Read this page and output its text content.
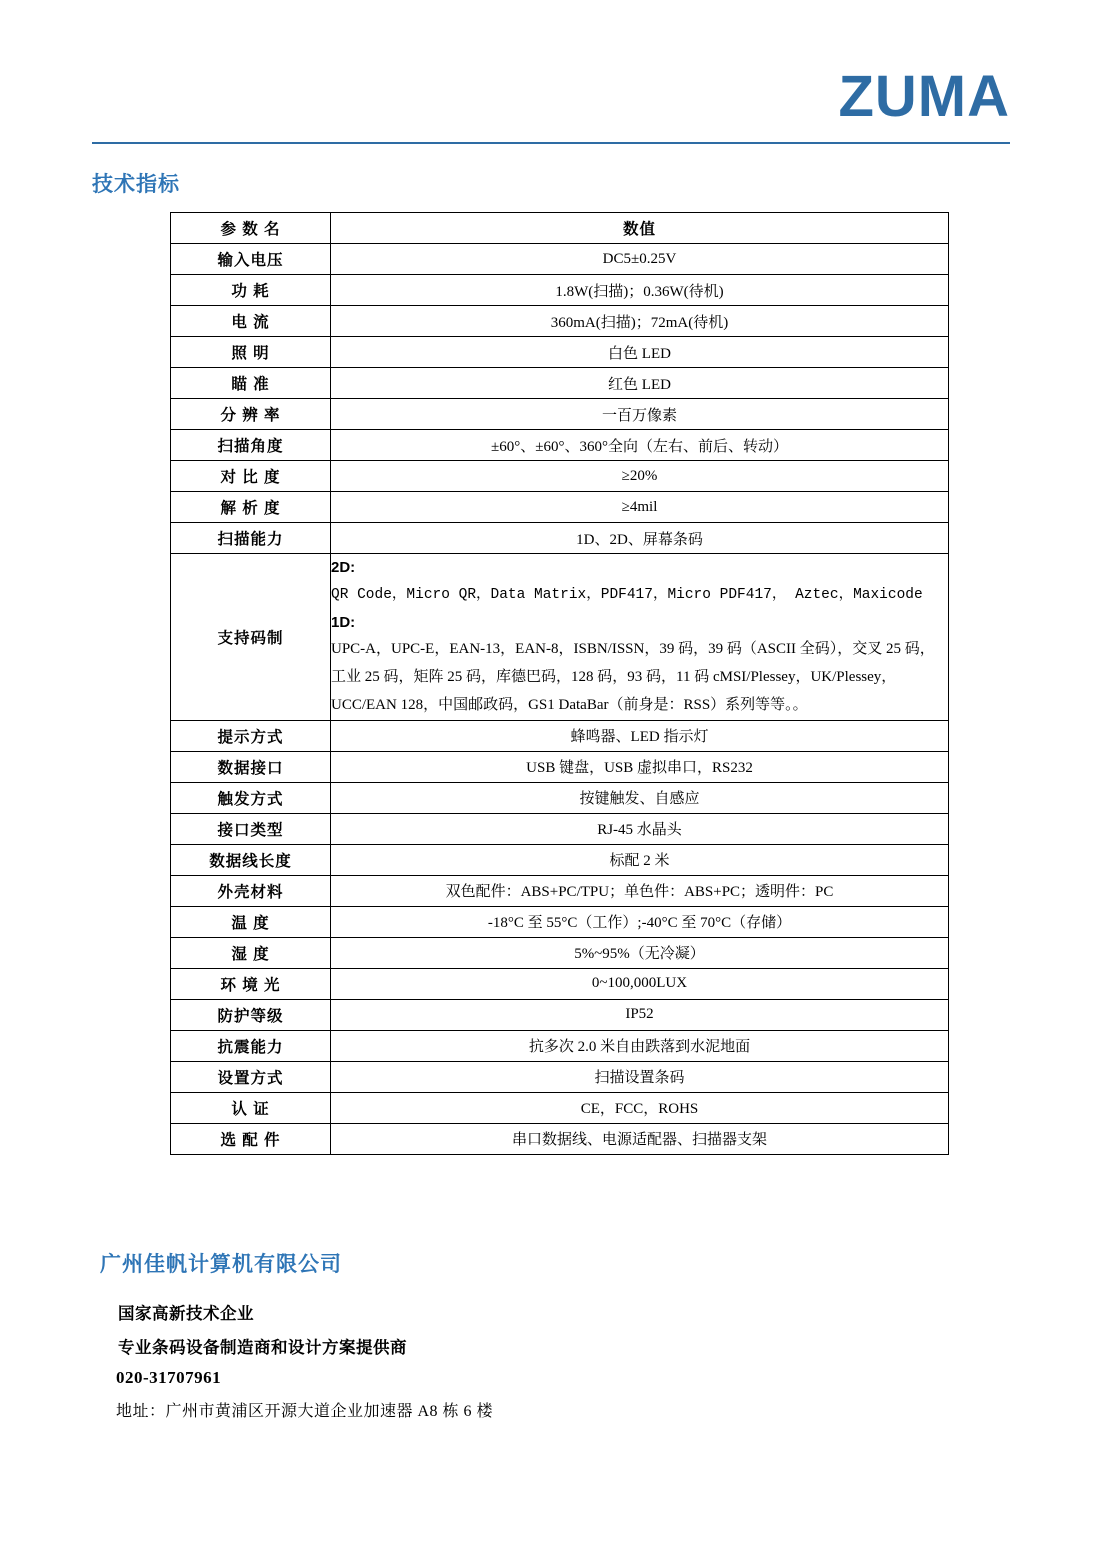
ZUMA
技术指标
参 数 名	数值
输入电压	DC5±0.25V
功 耗	1.8W(扫描)；0.36W(待机)
电 流	360mA(扫描)；72mA(待机)
照 明	白色 LED
瞄 准	红色 LED
分 辨 率	一百万像素
扫描角度	±60°、±60°、360°全向（左右、前后、转动）
对 比 度	≥20%
解 析 度	≥4mil
扫描能力	1D、2D、屏幕条码
支持码制	2D:
QR Code，Micro QR，Data Matrix，PDF417，Micro PDF417， Aztec，Maxicode
1D:
UPC-A，UPC-E，EAN-13，EAN-8，ISBN/ISSN，39 码，39 码（ASCII 全码），交叉 25 码，工业 25 码，矩阵 25 码，库德巴码，128 码，93 码，11 码 cMSI/Plessey，UK/Plessey，UCC/EAN 128，中国邮政码，GS1 DataBar（前身是：RSS）系列等等。。

提示方式	蜂鸣器、LED 指示灯
数据接口	USB 键盘，USB 虚拟串口，RS232
触发方式	按键触发、自感应
接口类型	RJ-45 水晶头
数据线长度	标配 2 米
外壳材料	双色配件：ABS+PC/TPU；单色件：ABS+PC；透明件：PC
温 度	-18°C 至 55°C（工作）;-40°C 至 70°C（存储）
湿 度	5%~95%（无冷凝）
环 境 光	0~100,000LUX
防护等级	IP52
抗震能力	抗多次 2.0 米自由跌落到水泥地面
设置方式	扫描设置条码
认 证	CE，FCC，ROHS
选 配 件	串口数据线、电源适配器、扫描器支架
广州佳帆计算机有限公司
国家高新技术企业
专业条码设备制造商和设计方案提供商
020-31707961
地址：广州市黄浦区开源大道企业加速器 A8 栋 6 楼
